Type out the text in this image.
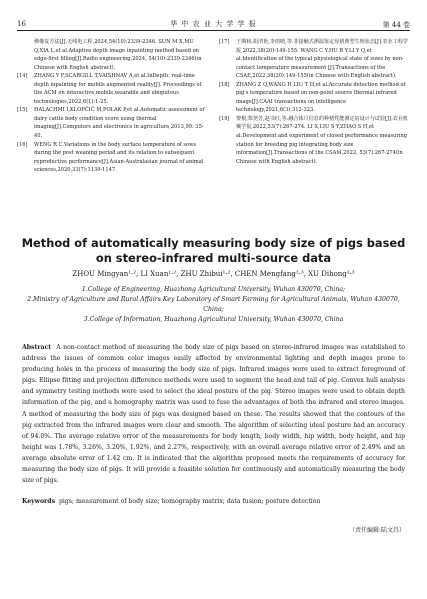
16	华 中 农 业 大 学 学 报	第 44 卷
佛像复方法[J].无线电工程,2024,54(10):2339-2346. SUN M X,MU Q,XIA L,et al.Adaptive depth image inpainting method based on edge-first filling[J].Radio engineering,2024, 54(10):2339-2346(in Chinese with English abstract).
[14] ZHANG Y F,SCARGILL T,VAISHNAV A,et al.InDepth: real-time depth inpainting for mobile augmented reality[J]. Proceedings of the ACM on interactive,mobile,wearable and ubiquitous technologies,2022,6(1):1-25.
[15] HALACHMI I,KLOPČIČ M,POLAK P,et al.Automatic assessment of dairy cattle body condition score using thermal imaging[J].Computers and electronics in agriculture,2013,99: 35-40.
[16] WENG R C.Variations in the body surface temperature of sows during the post weaning period and its relation to subsequent reproductive performance[J].Asian-Australasian journal of animal sciences,2020,33(7):1139-1147.
[17] 王期和,胡清艳,李雨晴,等.非接触式测温鉴定母猪典型生理状态[J].农业工程学报,2022,38(20):149-155. WANG C Y,HU B Y,LI Y Q,et al.Identification of the typical physiological state of sows by non-contact temperature measurement [J].Transactions of the CSAE,2022,38(20):149-155(in Chinese with English abstract).
[18] ZHANG Z Q,WANG H,LIU T H,et al.Accurate detection method of pig’s temperature based on non-point source thermal infrared image[J].CAAI transactions on intelligence technology,2021,6(3):312-323.
[19] 黎根,郑尧芳,赵书红,等.融合体尺信息的种猪性能测定站设计与试验[J].农业机械学报,2022,53(7):267-274. LI X,LIU S Y,ZHAO S H,et al.Development and experiment of closed performance measuring station for breeding pig integrating body size information[J].Transactions of the CSAM,2022, 53(7):267-274(in Chinese with English abstract).
Method of automatically measuring body size of pigs based on stereo-infrared multi-source data
ZHOU Mingyan¹·², LI Xuan¹·², ZHU Zhibui¹·², CHEN Mengfang²·³, XU Dihong²·³
1.College of Engineering, Huazhong Agricultural University, Wuhan 430070, China;
2.Ministry of Agriculture and Rural Affairs Key Laboratory of Smart Farming for Agricultural Animals, Wuhan 430070, China;
3.College of Information, Huazhong Agricultural University, Wuhan 430070, China
Abstract A non-contact method of measuring the body size of pigs based on stereo-infrared images was established to address the issues of common color images easily affected by environmental lighting and depth images prone to producing holes in the process of measuring the body size of pigs. Infrared images were used to extract foreground of pigs. Ellipse fitting and projection difference methods were used to segment the head and tail of pig. Convex hull analysis and symmetry testing methods were used to select the ideal posture of the pig. Stereo images were used to obtain depth information of the pig, and a homography matrix was used to fuse the advantages of both the infrared and stereo images. A method of measuring the body size of pigs was designed based on these. The results showed that the contours of the pig extracted from the infrared images were clear and smooth. The algorithm of selecting ideal posture had an accuracy of 94.0%. The average relative error of the measurements for body length, body width, hip width, body height, and hip height was 1.78%, 3.26%, 3.20%, 1.92%, and 2.27%, respectively, with an overall average relative error of 2.49% and an average absolute error of 1.42 cm. It is indicated that the algorithm proposed meets the requirements of accuracy for measuring the body size of pigs. It will provide a feasible solution for continuously and automatically measuring the body size of pigs.
Keywords pigs; measurement of body size; homography matrix; data fusion; posture detection
（责任编辑:陆文昌）
